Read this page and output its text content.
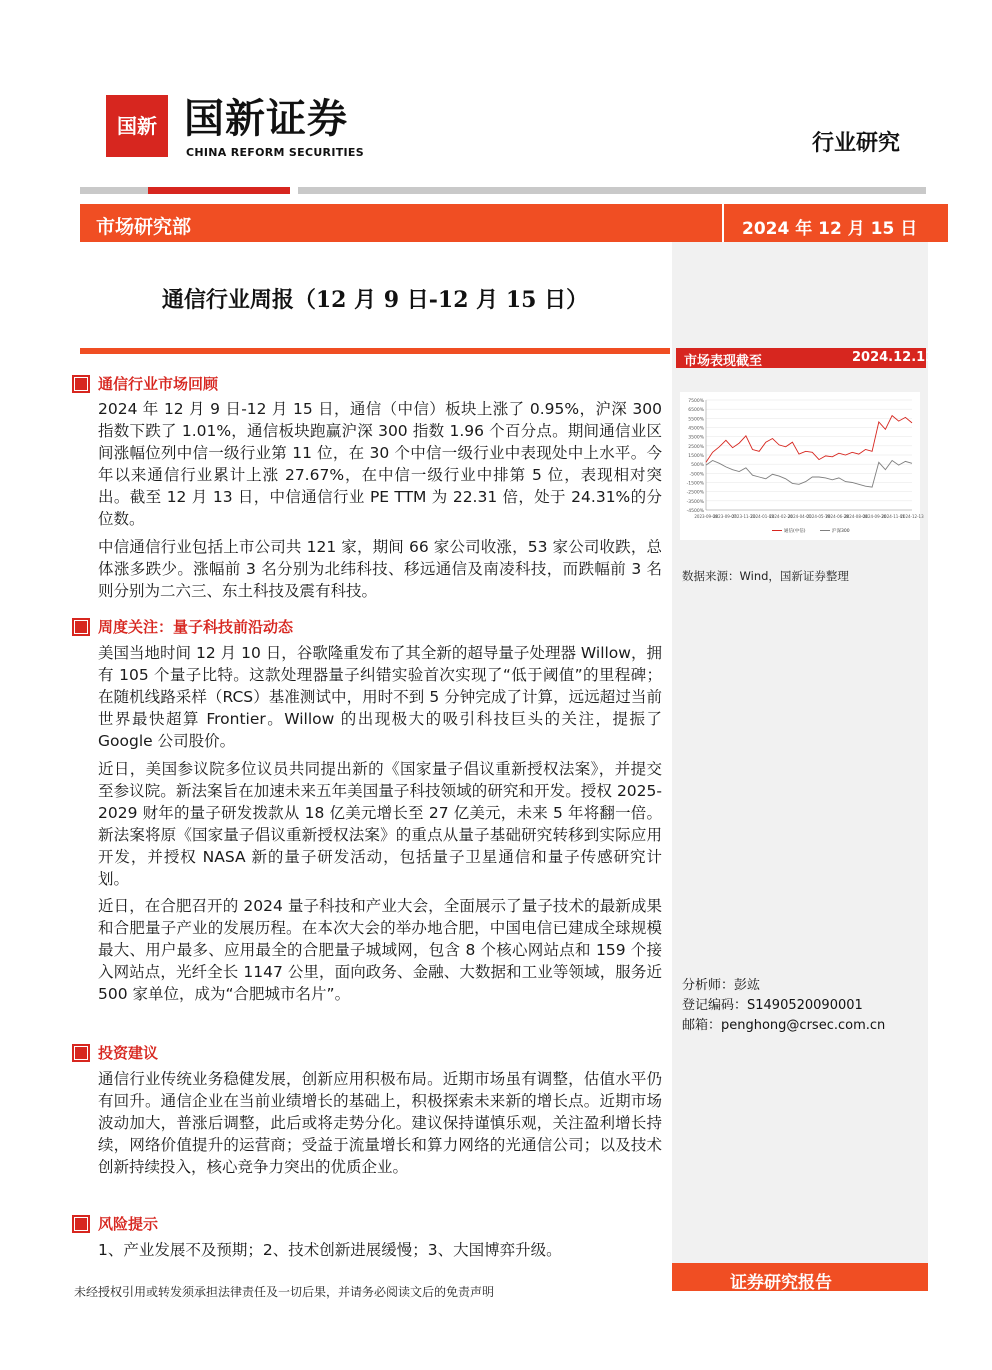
国新 国新证券
CHINA REFORM SECURITIES	行业研究
市场研究部	2024 年 12 月 15 日
通信行业周报（12 月 9 日-12 月 15 日）
市场表现截至	2024.12.13
7500%
6500%
5500%
4500%
3500%
2500%
1500%
500%
-500%
-1500%
-2500%
-3500%
-4500%
2023-09-08
2023-09-07
2023-11-23
2024-01-03
2024-02-20
2024-04-01
2024-05-19
2024-06-28
2024-08-08
2024-09-20
2024-11-01
2024-12-13
通信(中信)	沪深300
数据来源：Wind，国新证券整理
分析师：彭竑
登记编码：S1490520090001
邮箱：penghong@crsec.com.cn
通信行业市场回顾
2024 年 12 月 9 日-12 月 15 日，通信（中信）板块上涨了 0.95%，沪深 300 指数下跌了 1.01%，通信板块跑赢沪深 300 指数 1.96 个百分点。期间通信业区间涨幅位列中信一级行业第 11 位，在 30 个中信一级行业中表现处中上水平。今年以来通信行业累计上涨 27.67%，在中信一级行业中排第 5 位，表现相对突出。截至 12 月 13 日，中信通信行业 PE TTM 为 22.31 倍，处于 24.31%的分位数。
中信通信行业包括上市公司共 121 家，期间 66 家公司收涨，53 家公司收跌，总体涨多跌少。涨幅前 3 名分别为北纬科技、移远通信及南凌科技，而跌幅前 3 名则分别为二六三、东土科技及震有科技。
周度关注：量子科技前沿动态
美国当地时间 12 月 10 日，谷歌隆重发布了其全新的超导量子处理器 Willow，拥有 105 个量子比特。这款处理器量子纠错实验首次实现了“低于阈值”的里程碑；在随机线路采样（RCS）基准测试中，用时不到 5 分钟完成了计算，远远超过当前世界最快超算 Frontier。Willow 的出现极大的吸引科技巨头的关注，提振了 Google 公司股价。
近日，美国参议院多位议员共同提出新的《国家量子倡议重新授权法案》，并提交至参议院。新法案旨在加速未来五年美国量子科技领域的研究和开发。授权 2025-2029 财年的量子研发拨款从 18 亿美元增长至 27 亿美元，未来 5 年将翻一倍。新法案将原《国家量子倡议重新授权法案》的重点从量子基础研究转移到实际应用开发，并授权 NASA 新的量子研发活动，包括量子卫星通信和量子传感研究计划。
近日，在合肥召开的 2024 量子科技和产业大会，全面展示了量子技术的最新成果和合肥量子产业的发展历程。在本次大会的举办地合肥，中国电信已建成全球规模最大、用户最多、应用最全的合肥量子城域网，包含 8 个核心网站点和 159 个接入网站点，光纤全长 1147 公里，面向政务、金融、大数据和工业等领域，服务近 500 家单位，成为“合肥城市名片”。
投资建议
通信行业传统业务稳健发展，创新应用积极布局。近期市场虽有调整，估值水平仍有回升。通信企业在当前业绩增长的基础上，积极探索未来新的增长点。近期市场波动加大，普涨后调整，此后或将走势分化。建议保持谨慎乐观，关注盈利增长持续，网络价值提升的运营商；受益于流量增长和算力网络的光通信公司；以及技术创新持续投入，核心竞争力突出的优质企业。
风险提示
1、产业发展不及预期；2、技术创新进展缓慢；3、大国博弈升级。
未经授权引用或转发须承担法律责任及一切后果，并请务必阅读文后的免责声明	证券研究报告
